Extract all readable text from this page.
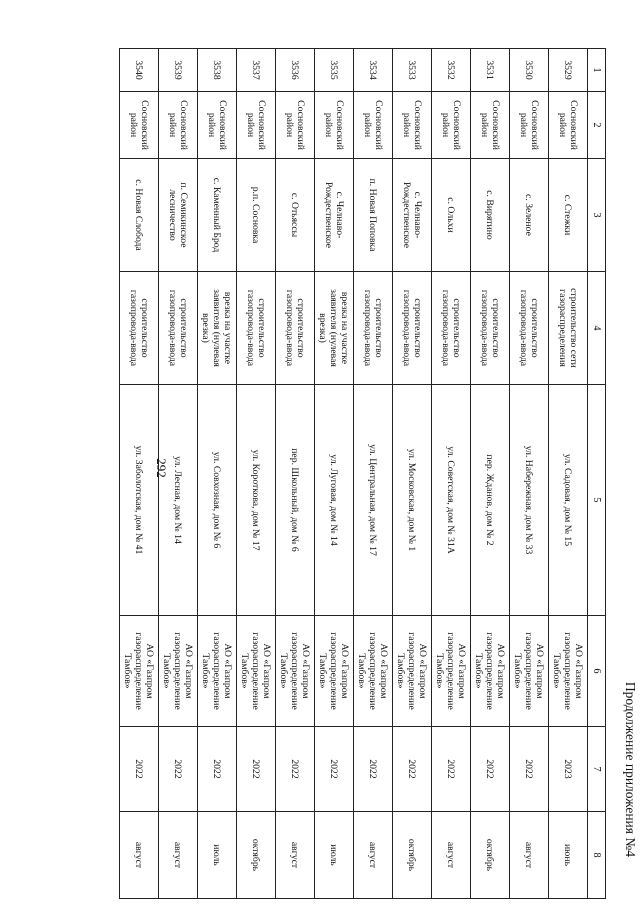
292
Продолжение приложения №4
1	2	3	4	5	6	7	8
3529	Сосновский район	с. Стежки	строительство сети газораспределения	ул. Садовая, дом № 15	АО «Газпром газораспределение Тамбов»	2023	июнь
3530	Сосновский район	с. Зеленое	строительство газопровода-ввода	ул. Набережная, дом № 33	АО «Газпром газораспределение Тамбов»	2022	август
3531	Сосновский район	с. Вирятино	строительство газопровода-ввода	пер. Жданов, дом № 2	АО «Газпром газораспределение Тамбов»	2022	октябрь
3532	Сосновский район	с. Ольхи	строительство газопровода-ввода	ул. Советская, дом № 31А	АО «Газпром газораспределение Тамбов»	2022	август
3533	Сосновский район	с. Челнаво-Рождественское	строительство газопровода-ввода	ул. Московская, дом № 1	АО «Газпром газораспределение Тамбов»	2022	октябрь
3534	Сосновский район	п. Новая Поповка	строительство газопровода-ввода	ул. Центральная, дом № 17	АО «Газпром газораспределение Тамбов»	2022	август
3535	Сосновский район	с. Челнаво-Рождественское	врезка на участке заявителя (нулевая врезка)	ул. Луговая, дом № 14	АО «Газпром газораспределение Тамбов»	2022	июль
3536	Сосновский район	с. Отьяссы	строительство газопровода-ввода	пер. Школьный, дом № 6	АО «Газпром газораспределение Тамбов»	2022	август
3537	Сосновский район	р.п. Сосновка	строительство газопровода-ввода	ул. Короткова, дом № 17	АО «Газпром газораспределение Тамбов»	2022	октябрь
3538	Сосновский район	с. Каменный Брод	врезка на участке заявителя (нулевая врезка)	ул. Совхозная, дом № 6	АО «Газпром газораспределение Тамбов»	2022	июль
3539	Сосновский район	п. Семикинское лесничество	строительство газопровода-ввода	ул. Лесная, дом № 14	АО «Газпром газораспределение Тамбов»	2022	август
3540	Сосновский район	с. Новая Слобода	строительство газопровода-ввода	ул. Заболотская, дом № 41	АО «Газпром газораспределение Тамбов»	2022	август
